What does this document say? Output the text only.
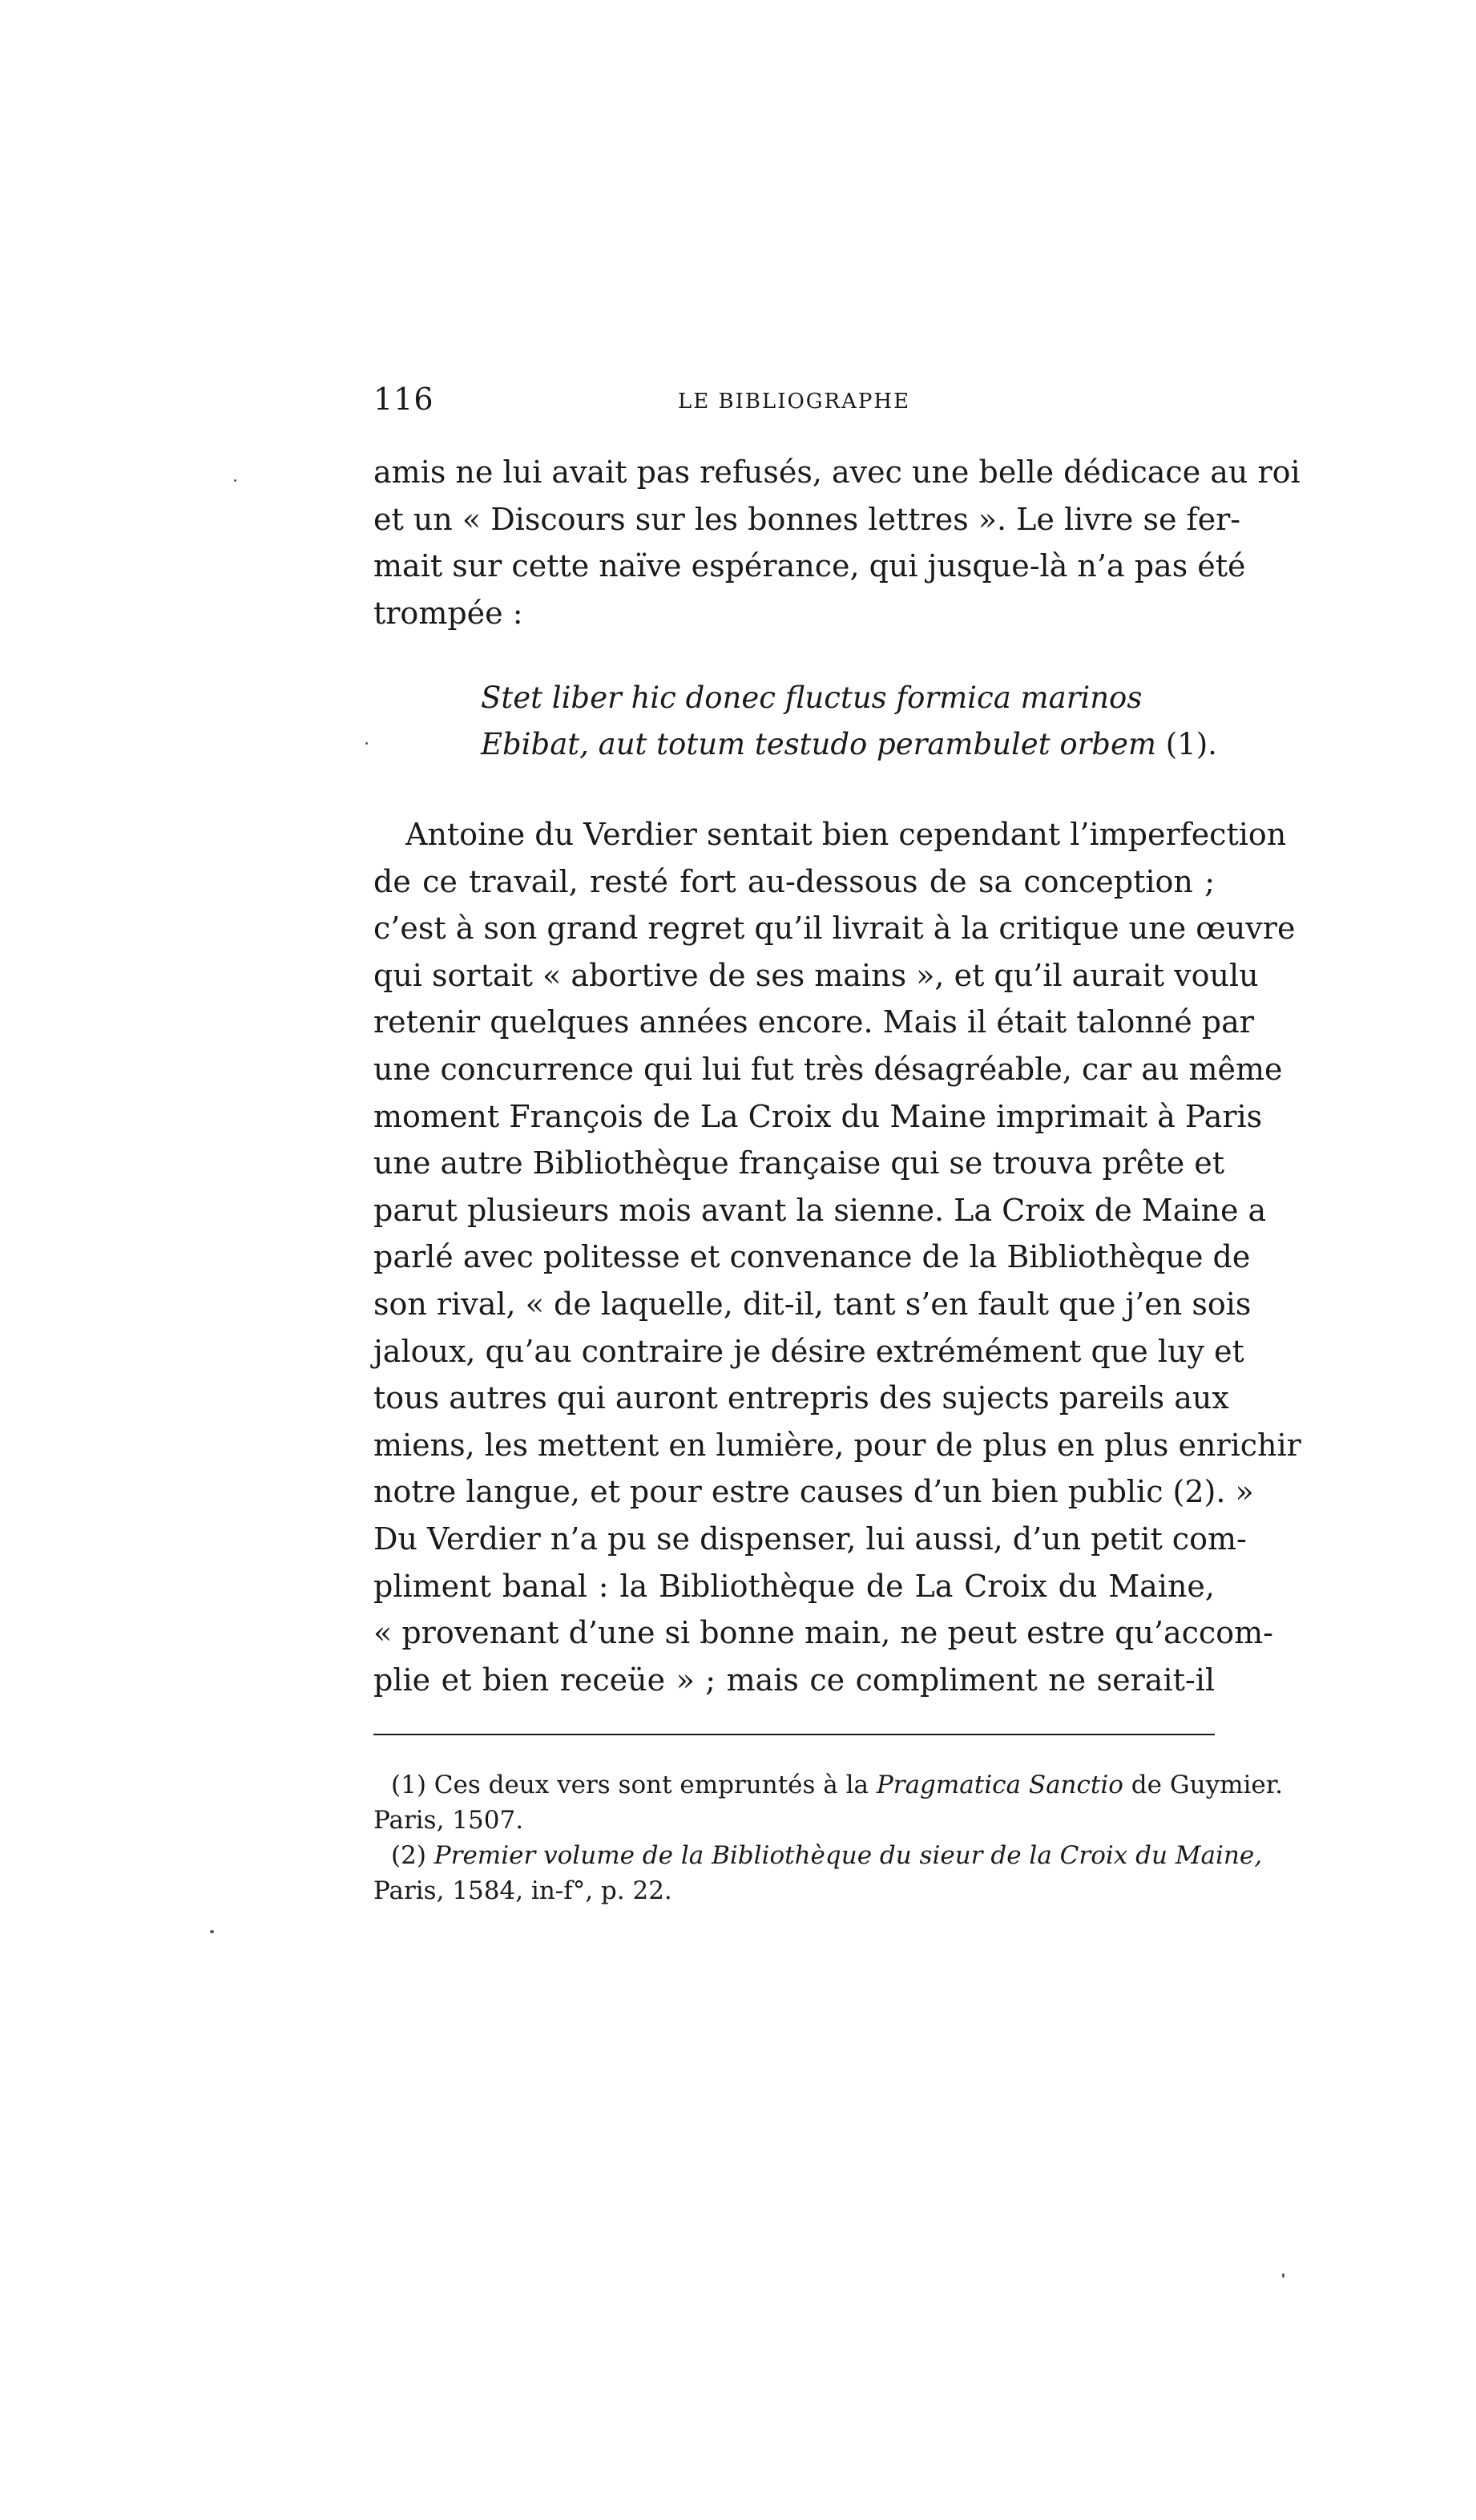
116	LE BIBLIOGRAPHE
amis ne lui avait pas refusés, avec une belle dédicace au roi
et un « Discours sur les bonnes lettres ». Le livre se fer-
mait sur cette naïve espérance, qui jusque-là n’a pas été
trompée :
Stet liber hic donec fluctus formica marinos
Ebibat, aut totum testudo perambulet orbem (1).
Antoine du Verdier sentait bien cependant l’imperfection
de ce travail, resté fort au-dessous de sa conception ;
c’est à son grand regret qu’il livrait à la critique une œuvre
qui sortait « abortive de ses mains », et qu’il aurait voulu
retenir quelques années encore. Mais il était talonné par
une concurrence qui lui fut très désagréable, car au même
moment François de La Croix du Maine imprimait à Paris
une autre Bibliothèque française qui se trouva prête et
parut plusieurs mois avant la sienne. La Croix de Maine a
parlé avec politesse et convenance de la Bibliothèque de
son rival, « de laquelle, dit-il, tant s’en fault que j’en sois
jaloux, qu’au contraire je désire extrémément que luy et
tous autres qui auront entrepris des sujects pareils aux
miens, les mettent en lumière, pour de plus en plus enrichir
notre langue, et pour estre causes d’un bien public (2). »
Du Verdier n’a pu se dispenser, lui aussi, d’un petit com-
pliment banal : la Bibliothèque de La Croix du Maine,
« provenant d’une si bonne main, ne peut estre qu’accom-
plie et bien receüe » ; mais ce compliment ne serait-il
(1) Ces deux vers sont empruntés à la Pragmatica Sanctio de Guymier.
Paris, 1507.
(2) Premier volume de la Bibliothèque du sieur de la Croix du Maine,
Paris, 1584, in-f°, p. 22.
